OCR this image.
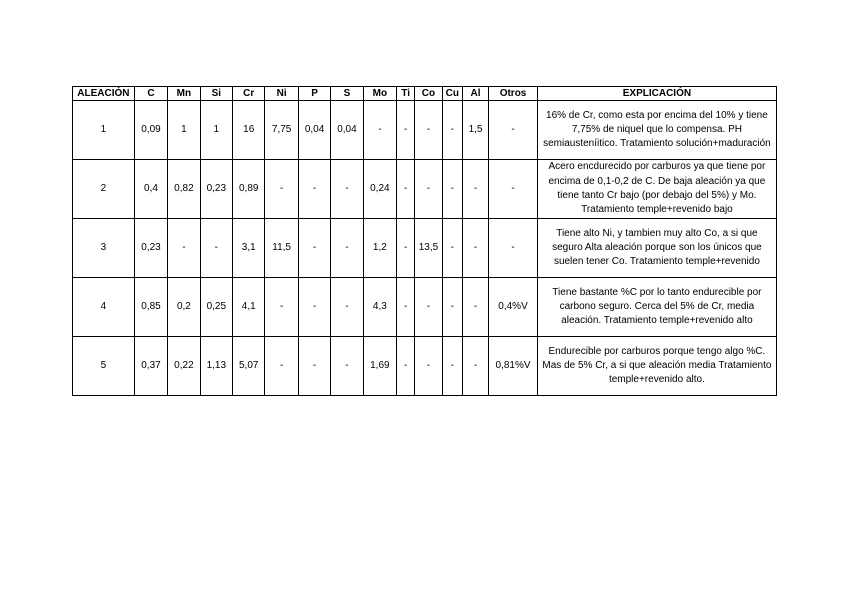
ALEACIÓN	C	Mn	Si	Cr	Ni	P	S	Mo	Ti	Co	Cu	Al	Otros	EXPLICACIÓN
1	0,09	1	1	16	7,75	0,04	0,04	-	-	-	-	1,5	-	16% de Cr, como esta por encima del 10% y tiene 7,75% de niquel que lo compensa. PH semiausteníitico. Tratamiento solución+maduración
2	0,4	0,82	0,23	0,89	-	-	-	0,24	-	-	-	-	-	Acero encdurecido por carburos ya que tiene por encima de 0,1-0,2 de C. De baja aleación ya que tiene tanto Cr bajo (por debajo del 5%) y Mo. Tratamiento temple+revenido bajo
3	0,23	-	-	3,1	11,5	-	-	1,2	-	13,5	-	-	-	Tiene alto Ni, y tambien muy alto Co, a si que seguro Alta aleación porque son los únicos que suelen tener Co. Tratamiento temple+revenido
4	0,85	0,2	0,25	4,1	-	-	-	4,3	-	-	-	-	0,4%V	Tiene bastante %C por lo tanto endurecible por carbono seguro. Cerca del 5% de Cr, media aleación. Tratamiento temple+revenido alto
5	0,37	0,22	1,13	5,07	-	-	-	1,69	-	-	-	-	0,81%V	Endurecible por carburos porque tengo algo %C. Mas de 5% Cr, a si que aleación media Tratamiento temple+revenido alto.
